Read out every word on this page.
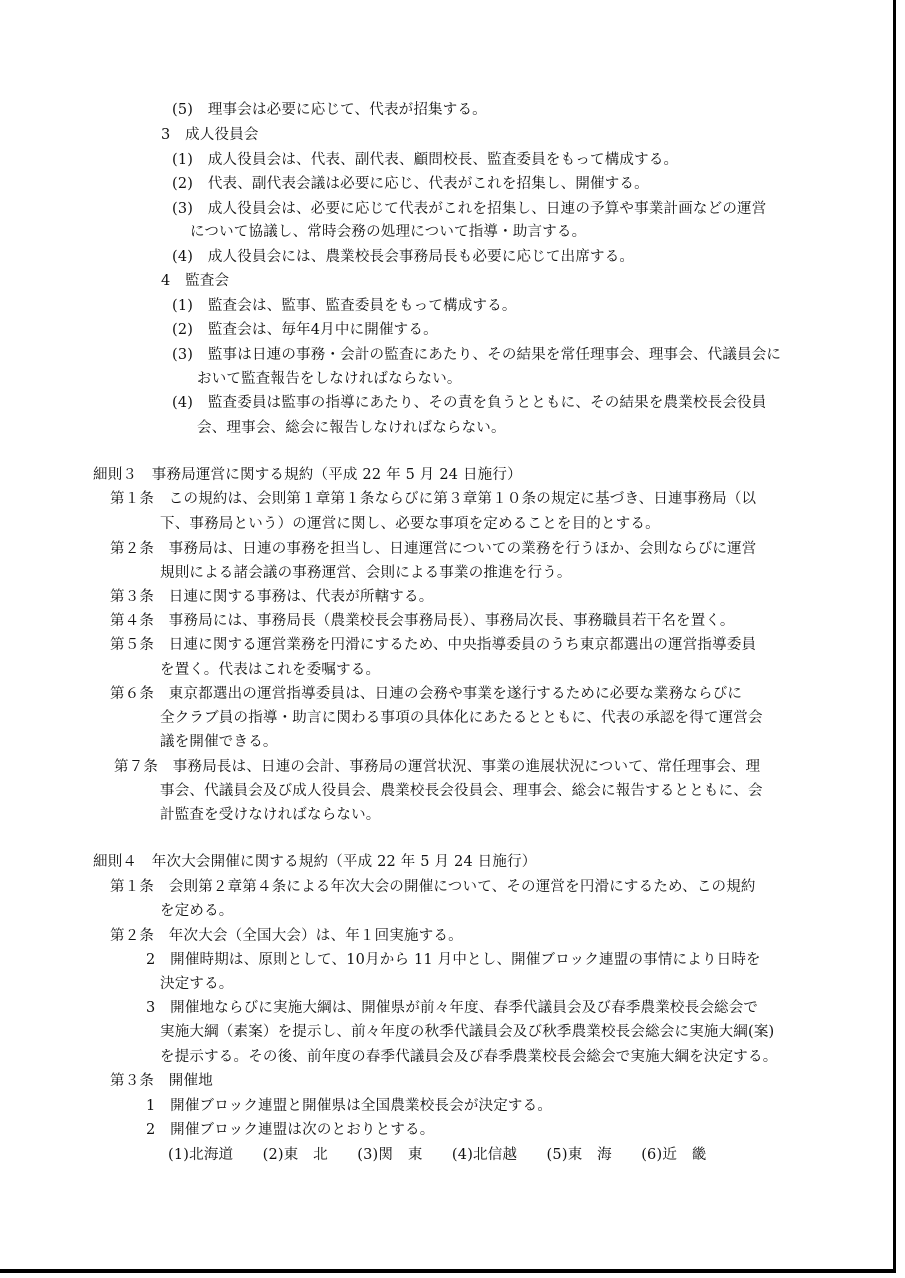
(5)　理事会は必要に応じて、代表が招集する。
3　成人役員会
(1)　成人役員会は、代表、副代表、顧問校長、監査委員をもって構成する。
(2)　代表、副代表会議は必要に応じ、代表がこれを招集し、開催する。
(3)　成人役員会は、必要に応じて代表がこれを招集し、日連の予算や事業計画などの運営
について協議し、常時会務の処理について指導・助言する。
(4)　成人役員会には、農業校長会事務局長も必要に応じて出席する。
4　監査会
(1)　監査会は、監事、監査委員をもって構成する。
(2)　監査会は、毎年4月中に開催する。
(3)　監事は日連の事務・会計の監査にあたり、その結果を常任理事会、理事会、代議員会に
おいて監査報告をしなければならない。
(4)　監査委員は監事の指導にあたり、その責を負うとともに、その結果を農業校長会役員
会、理事会、総会に報告しなければならない。
細則３　事務局運営に関する規約（平成 22 年 5 月 24 日施行）
第１条　この規約は、会則第１章第１条ならびに第３章第１０条の規定に基づき、日連事務局（以
下、事務局という）の運営に関し、必要な事項を定めることを目的とする。
第２条　事務局は、日連の事務を担当し、日連運営についての業務を行うほか、会則ならびに運営
規則による諸会議の事務運営、会則による事業の推進を行う。
第３条　日連に関する事務は、代表が所轄する。
第４条　事務局には、事務局長（農業校長会事務局長）、事務局次長、事務職員若干名を置く。
第５条　日連に関する運営業務を円滑にするため、中央指導委員のうち東京都選出の運営指導委員
を置く。代表はこれを委嘱する。
第６条　東京都選出の運営指導委員は、日連の会務や事業を遂行するために必要な業務ならびに
全クラブ員の指導・助言に関わる事項の具体化にあたるとともに、代表の承認を得て運営会
議を開催できる。
第７条　事務局長は、日連の会計、事務局の運営状況、事業の進展状況について、常任理事会、理
事会、代議員会及び成人役員会、農業校長会役員会、理事会、総会に報告するとともに、会
計監査を受けなければならない。
細則４　年次大会開催に関する規約（平成 22 年 5 月 24 日施行）
第１条　会則第２章第４条による年次大会の開催について、その運営を円滑にするため、この規約
を定める。
第２条　年次大会（全国大会）は、年１回実施する。
2　開催時期は、原則として、10月から 11 月中とし、開催ブロック連盟の事情により日時を
決定する。
3　開催地ならびに実施大綱は、開催県が前々年度、春季代議員会及び春季農業校長会総会で
実施大綱（素案）を提示し、前々年度の秋季代議員会及び秋季農業校長会総会に実施大綱(案)
を提示する。その後、前年度の春季代議員会及び春季農業校長会総会で実施大綱を決定する。
第３条　開催地
1　開催ブロック連盟と開催県は全国農業校長会が決定する。
2　開催ブロック連盟は次のとおりとする。
(1)北海道　　(2)東　北　　(3)関　東　　(4)北信越　　(5)東　海　　(6)近　畿
